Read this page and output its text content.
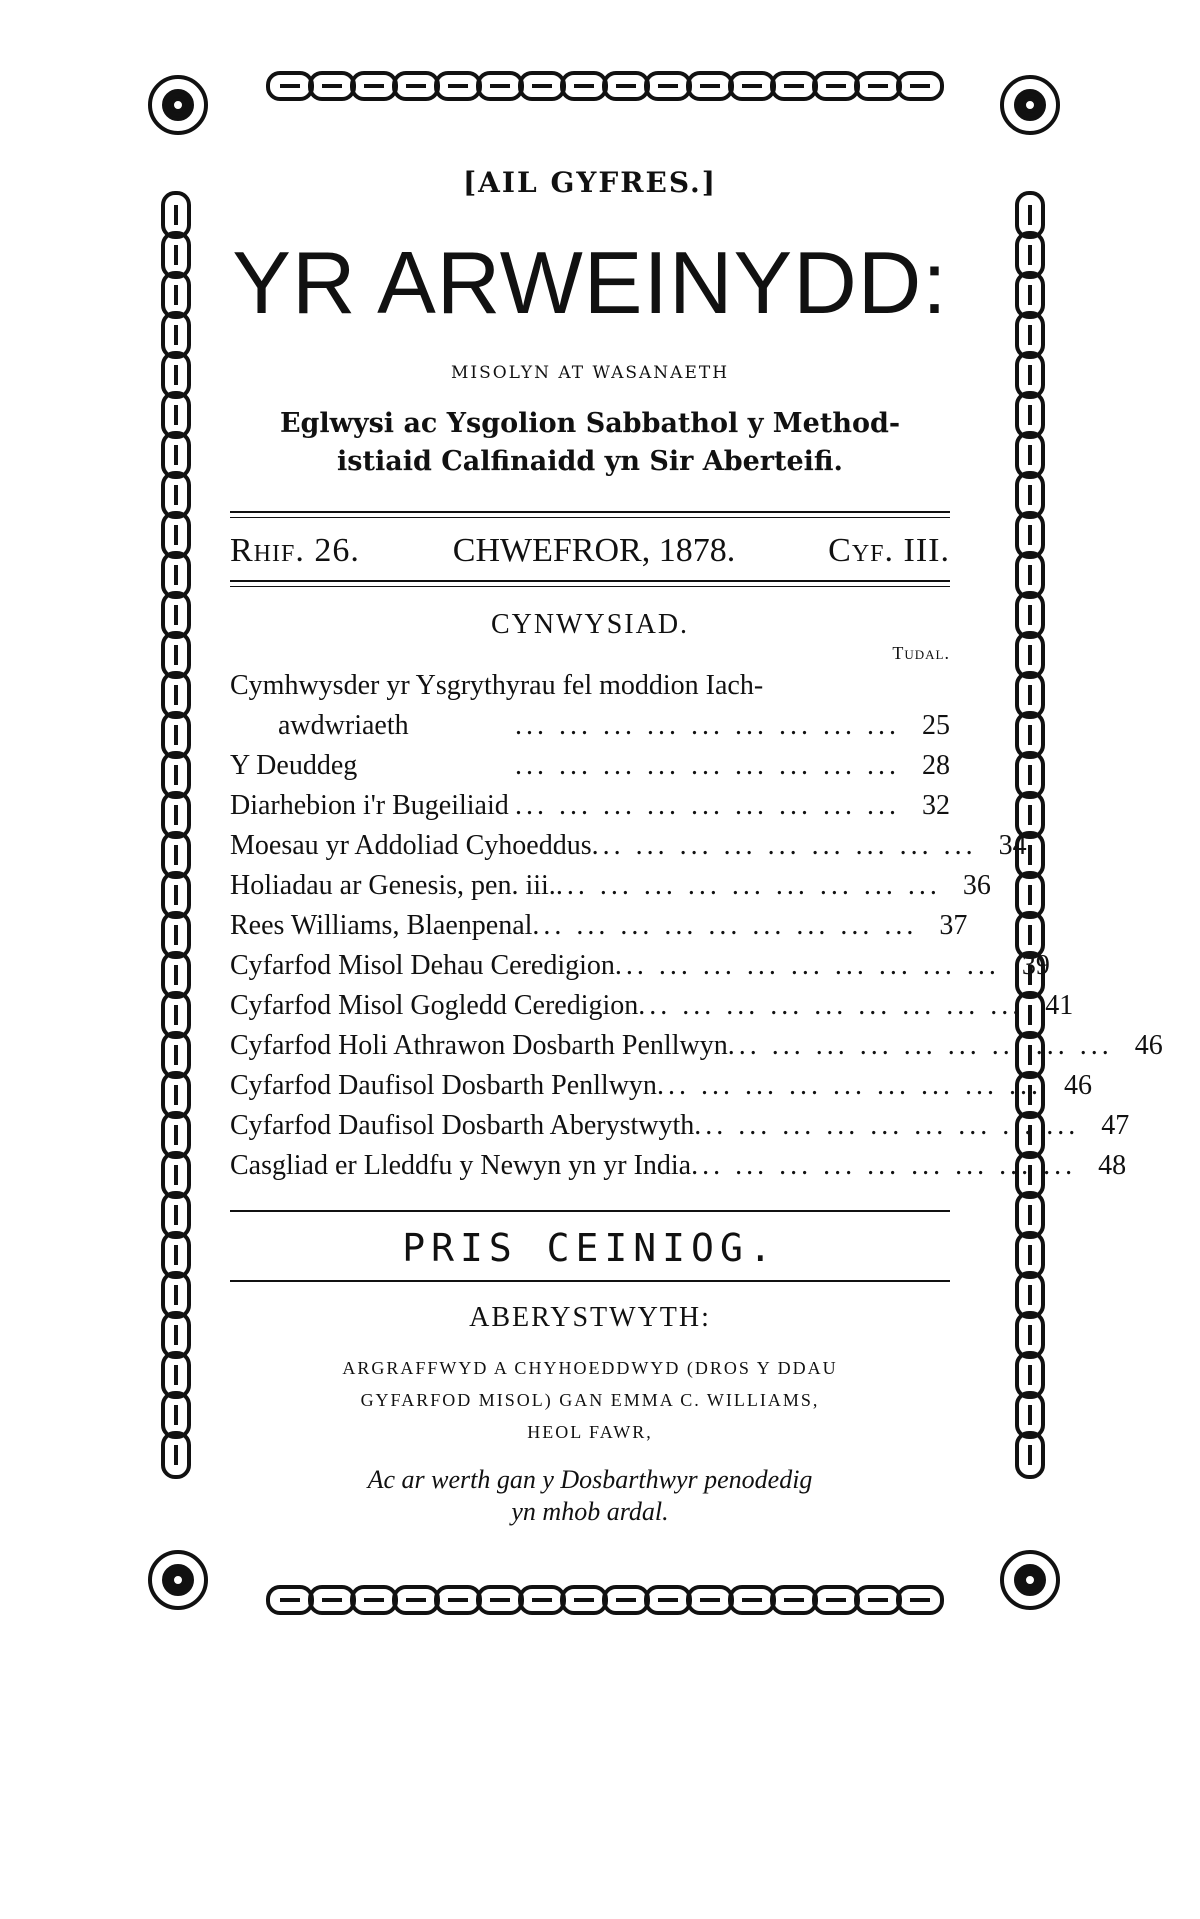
[AIL GYFRES.]
YR ARWEINYDD:
MISOLYN AT WASANAETH
Eglwysi ac Ysgolion Sabbathol y Method-
istiaid Calfinaidd yn Sir Aberteifi.
Rhif. 26.	CHWEFROR, 1878.	Cyf. III.
CYNWYSIAD.
Tudal.
Cymhwysder yr Ysgrythyrau fel moddion Iach-
awdwriaeth	... ... ... ... ... ... ... ... ... 25
Y Deuddeg	... ... ... ... ... ... ... ... ... 28
Diarhebion i'r Bugeiliaid ... ... ... ... ... ... ... ... ... 32
Moesau yr Addoliad Cyhoeddus ... ... ... ... ... ... ... ... ... 34
Holiadau ar Genesis, pen. iii. ... ... ... ... ... ... ... ... ... 36
Rees Williams, Blaenpenal ... ... ... ... ... ... ... ... ... 37
Cyfarfod Misol Dehau Ceredigion ... ... ... ... ... ... ... ... ... 39
Cyfarfod Misol Gogledd Ceredigion ... ... ... ... ... ... ... ... ... 41
Cyfarfod Holi Athrawon Dosbarth Penllwyn ... ... ... ... ... ... ... ... ... 46
Cyfarfod Daufisol Dosbarth Penllwyn ... ... ... ... ... ... ... ... ... 46
Cyfarfod Daufisol Dosbarth Aberystwyth ... ... ... ... ... ... ... ... ... 47
Casgliad er Lleddfu y Newyn yn yr India ... ... ... ... ... ... ... ... ... 48
PRIS CEINIOG.
ABERYSTWYTH:
ARGRAFFWYD A CHYHOEDDWYD (DROS Y DDAU
GYFARFOD MISOL) GAN EMMA C. WILLIAMS,
HEOL FAWR,
Ac ar werth gan y Dosbarthwyr penodedig
yn mhob ardal.
